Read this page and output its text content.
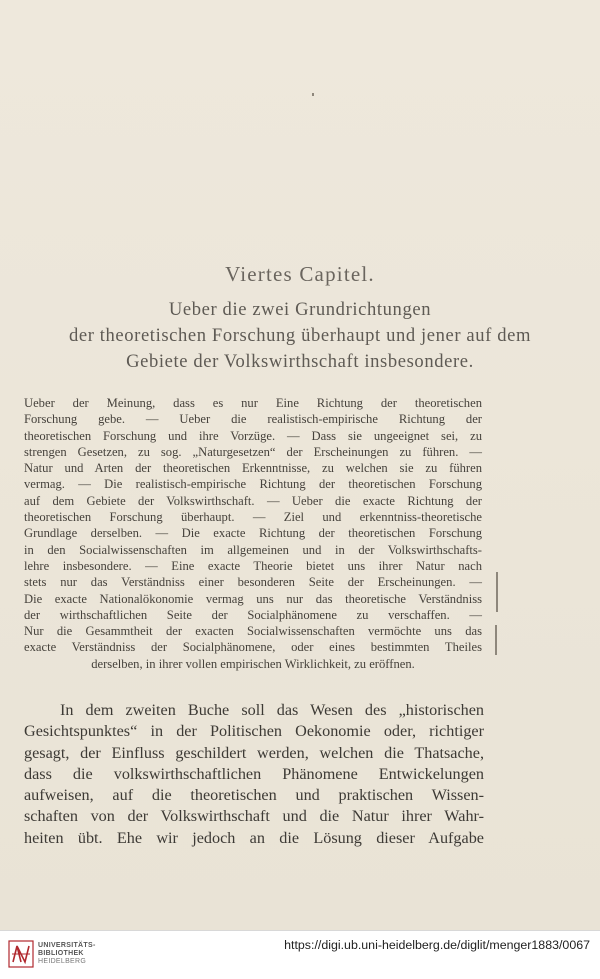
Viertes Capitel.
Ueber die zwei Grundrichtungen
der theoretischen Forschung überhaupt und jener auf dem
Gebiete der Volkswirthschaft insbesondere.
Ueber der Meinung, dass es nur Eine Richtung der theoretischen
Forschung gebe. — Ueber die realistisch-empirische Richtung der
theoretischen Forschung und ihre Vorzüge. — Dass sie ungeeignet sei, zu
strengen Gesetzen, zu sog. „Naturgesetzen“ der Erscheinungen zu führen. —
Natur und Arten der theoretischen Erkenntnisse, zu welchen sie zu führen
vermag. — Die realistisch-empirische Richtung der theoretischen Forschung
auf dem Gebiete der Volkswirthschaft. — Ueber die exacte Richtung der
theoretischen Forschung überhaupt. — Ziel und erkenntniss-theoretische
Grundlage derselben. — Die exacte Richtung der theoretischen Forschung
in den Socialwissenschaften im allgemeinen und in der Volkswirthschafts-
lehre insbesondere. — Eine exacte Theorie bietet uns ihrer Natur nach
stets nur das Verständniss einer besonderen Seite der Erscheinungen. —
Die exacte Nationalökonomie vermag uns nur das theoretische Verständniss
der wirthschaftlichen Seite der Socialphänomene zu verschaffen. —
Nur die Gesammtheit der exacten Socialwissenschaften vermöchte uns das
exacte Verständniss der Socialphänomene, oder eines bestimmten Theiles
derselben, in ihrer vollen empirischen Wirklichkeit, zu eröffnen.
In dem zweiten Buche soll das Wesen des „historischen
Gesichtspunktes“ in der Politischen Oekonomie oder, richtiger
gesagt, der Einfluss geschildert werden, welchen die Thatsache,
dass die volkswirthschaftlichen Phänomene Entwickelungen
aufweisen, auf die theoretischen und praktischen Wissen-
schaften von der Volkswirthschaft und die Natur ihrer Wahr-
heiten übt. Ehe wir jedoch an die Lösung dieser Aufgabe
UNIVERSITÄTS-
BIBLIOTHEK
HEIDELBERG
https://digi.ub.uni-heidelberg.de/diglit/menger1883/0067
